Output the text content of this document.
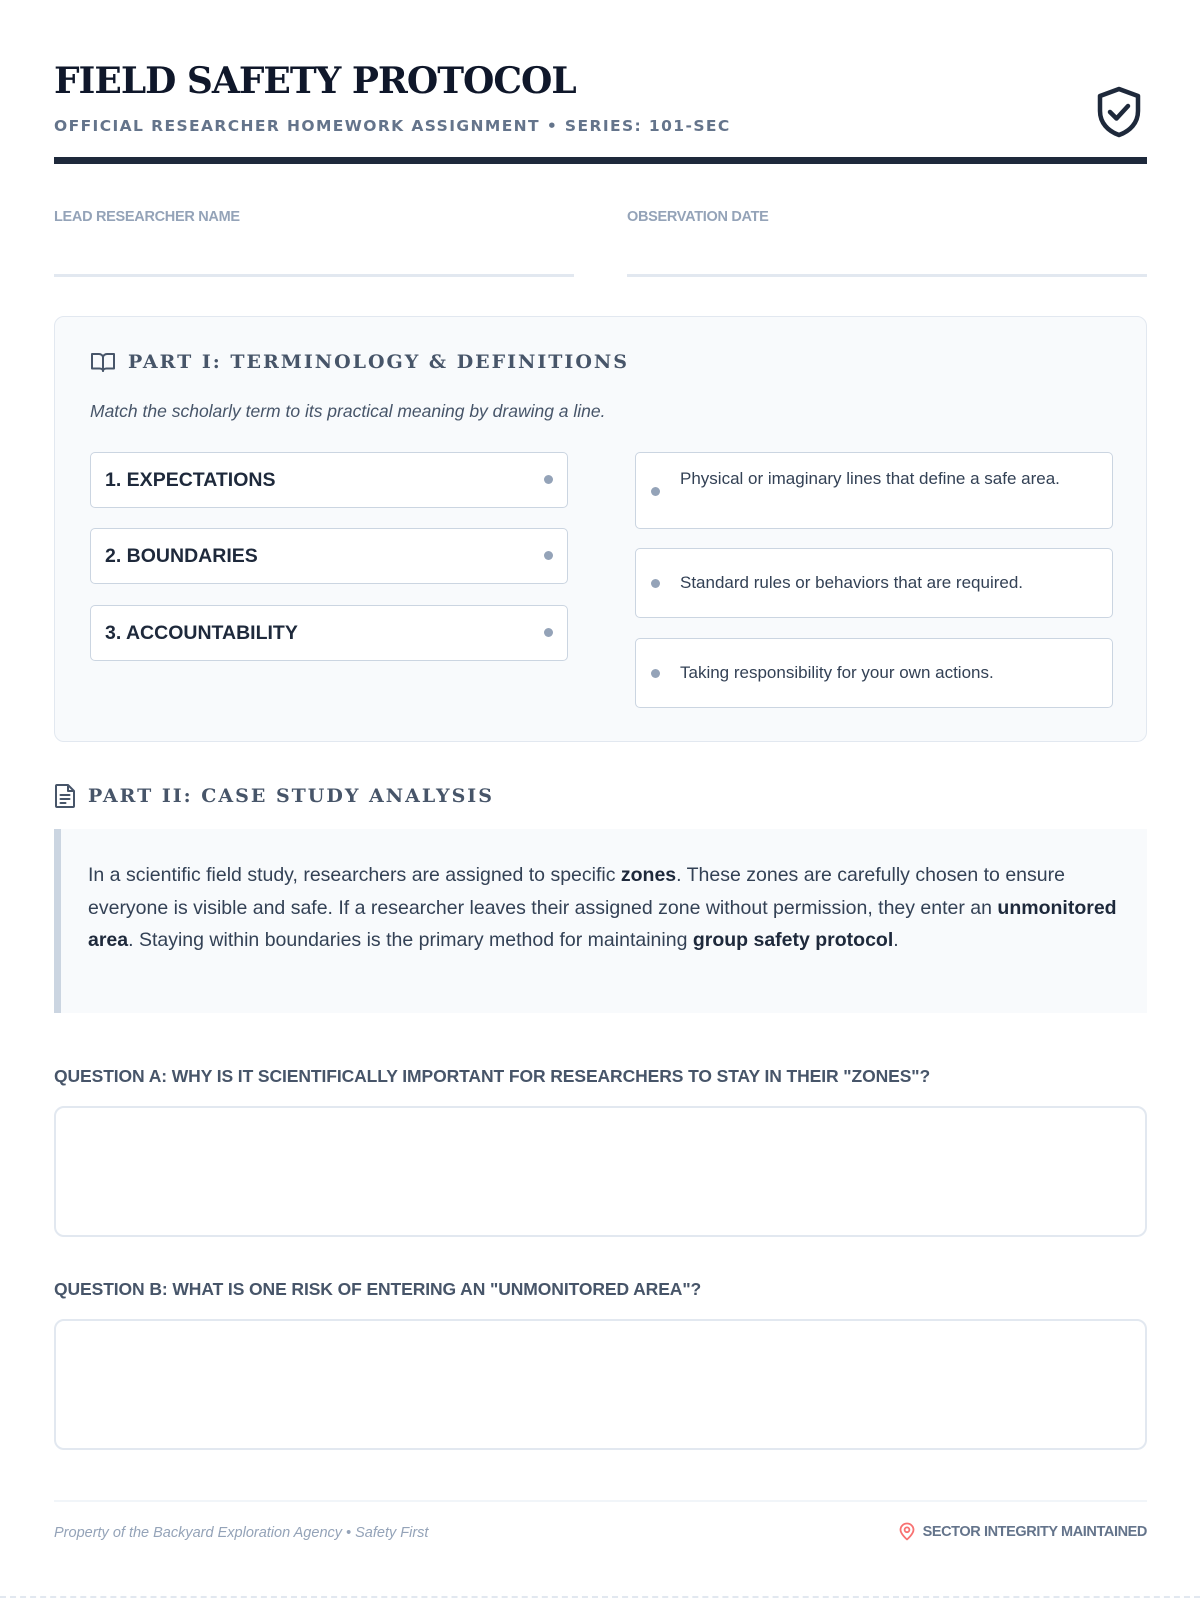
FIELD SAFETY PROTOCOL
OFFICIAL RESEARCHER HOMEWORK ASSIGNMENT • SERIES: 101-SEC
LEAD RESEARCHER NAME	OBSERVATION DATE
PART I: TERMINOLOGY & DEFINITIONS
Match the scholarly term to its practical meaning by drawing a line.
1. EXPECTATIONS
2. BOUNDARIES
3. ACCOUNTABILITY
Physical or imaginary lines that define a safe area.
Standard rules or behaviors that are required.
Taking responsibility for your own actions.
PART II: CASE STUDY ANALYSIS
In a scientific field study, researchers are assigned to specific zones. These zones are carefully chosen to ensure everyone is visible and safe. If a researcher leaves their assigned zone without permission, they enter an unmonitored area. Staying within boundaries is the primary method for maintaining group safety protocol.
QUESTION A: WHY IS IT SCIENTIFICALLY IMPORTANT FOR RESEARCHERS TO STAY IN THEIR "ZONES"?
QUESTION B: WHAT IS ONE RISK OF ENTERING AN "UNMONITORED AREA"?
Property of the Backyard Exploration Agency • Safety First	SECTOR INTEGRITY MAINTAINED
